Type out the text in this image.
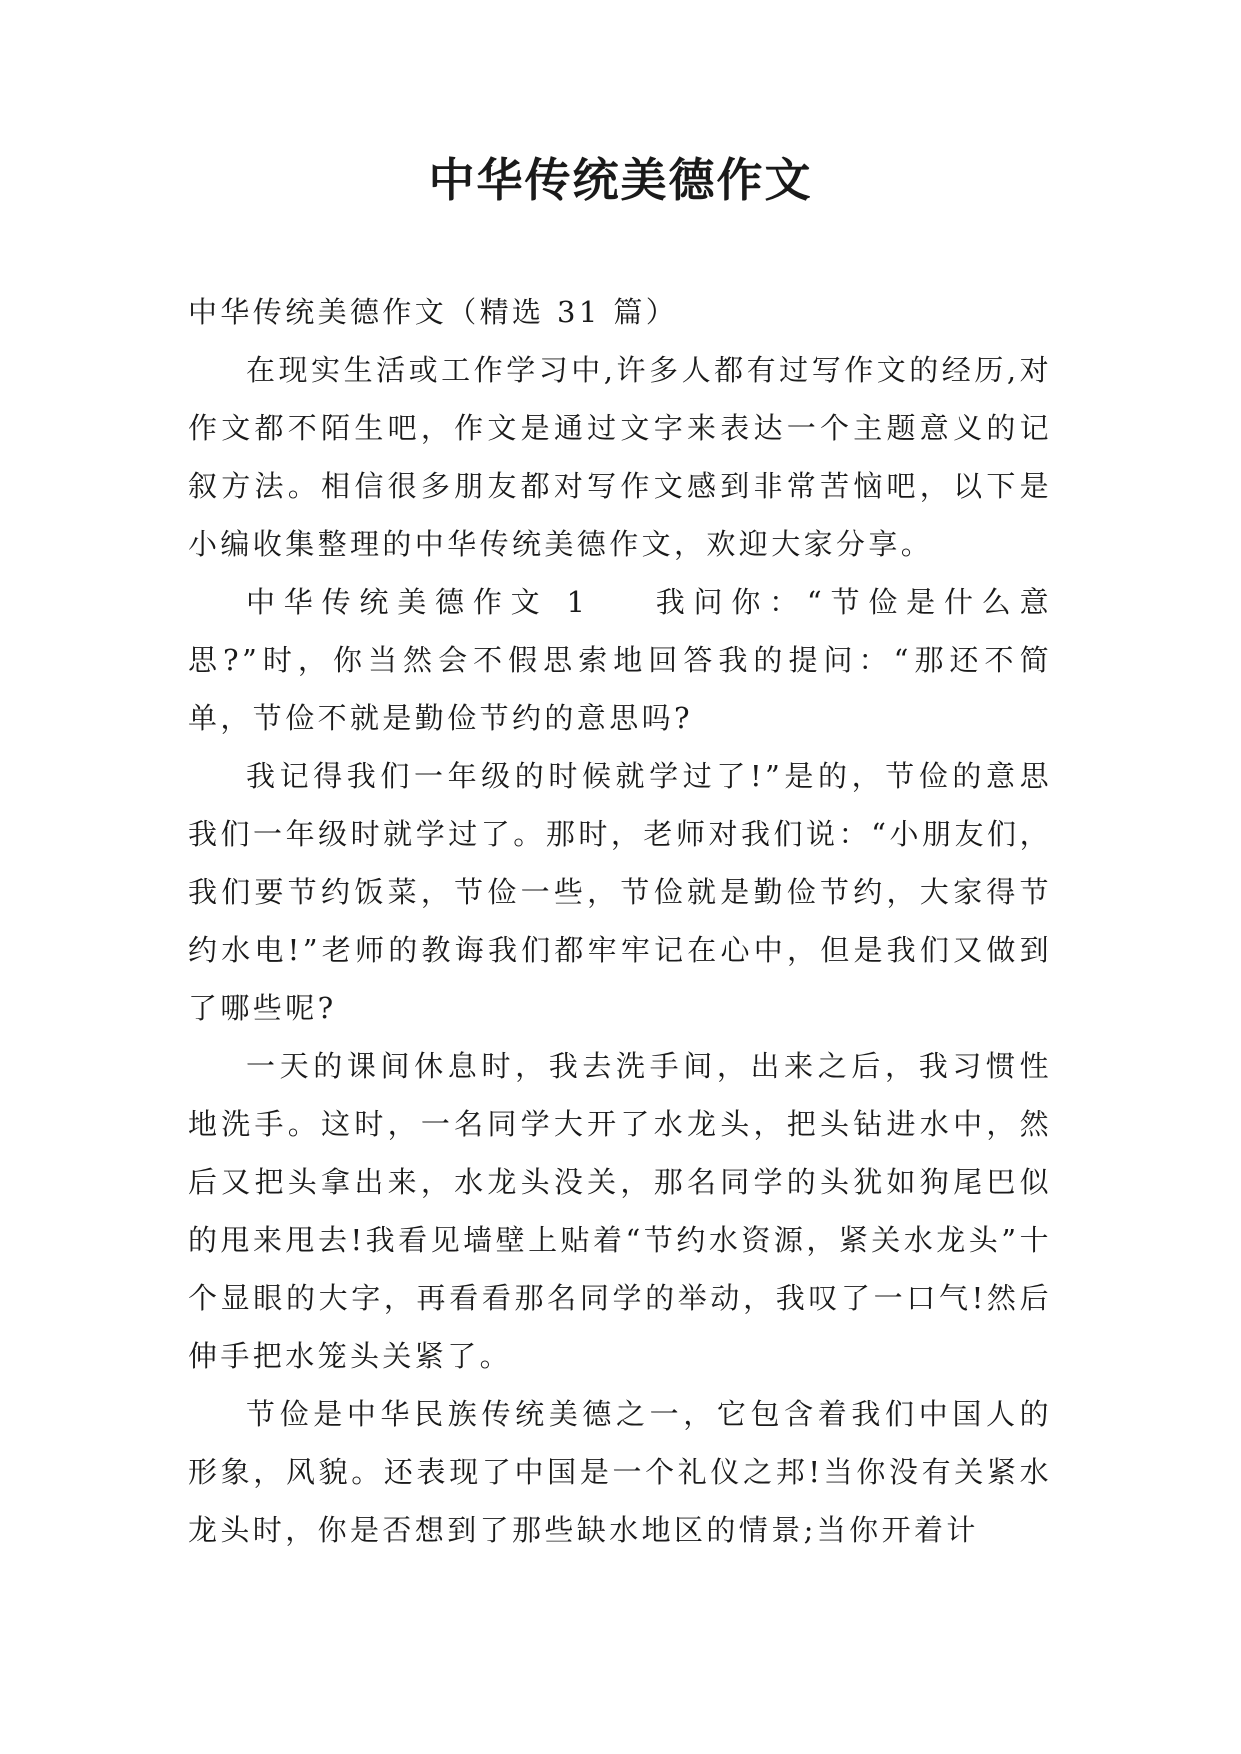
中华传统美德作文

中华传统美德作文（精选 31 篇）

在现实生活或工作学习中,许多人都有过写作文的经历,对作文都不陌生吧，作文是通过文字来表达一个主题意义的记叙方法。相信很多朋友都对写作文感到非常苦恼吧，以下是小编收集整理的中华传统美德作文，欢迎大家分享。

中华传统美德作文 1 我问你：“节俭是什么意思?”时，你当然会不假思索地回答我的提问：“那还不简单，节俭不就是勤俭节约的意思吗?

我记得我们一年级的时候就学过了!”是的，节俭的意思我们一年级时就学过了。那时，老师对我们说：“小朋友们，我们要节约饭菜，节俭一些，节俭就是勤俭节约，大家得节约水电!”老师的教诲我们都牢牢记在心中，但是我们又做到了哪些呢?

一天的课间休息时，我去洗手间，出来之后，我习惯性地洗手。这时，一名同学大开了水龙头，把头钻进水中，然后又把头拿出来，水龙头没关，那名同学的头犹如狗尾巴似的甩来甩去!我看见墙壁上贴着“节约水资源，紧关水龙头”十个显眼的大字，再看看那名同学的举动，我叹了一口气!然后伸手把水笼头关紧了。

节俭是中华民族传统美德之一，它包含着我们中国人的形象，风貌。还表现了中国是一个礼仪之邦!当你没有关紧水龙头时，你是否想到了那些缺水地区的情景;当你开着计
